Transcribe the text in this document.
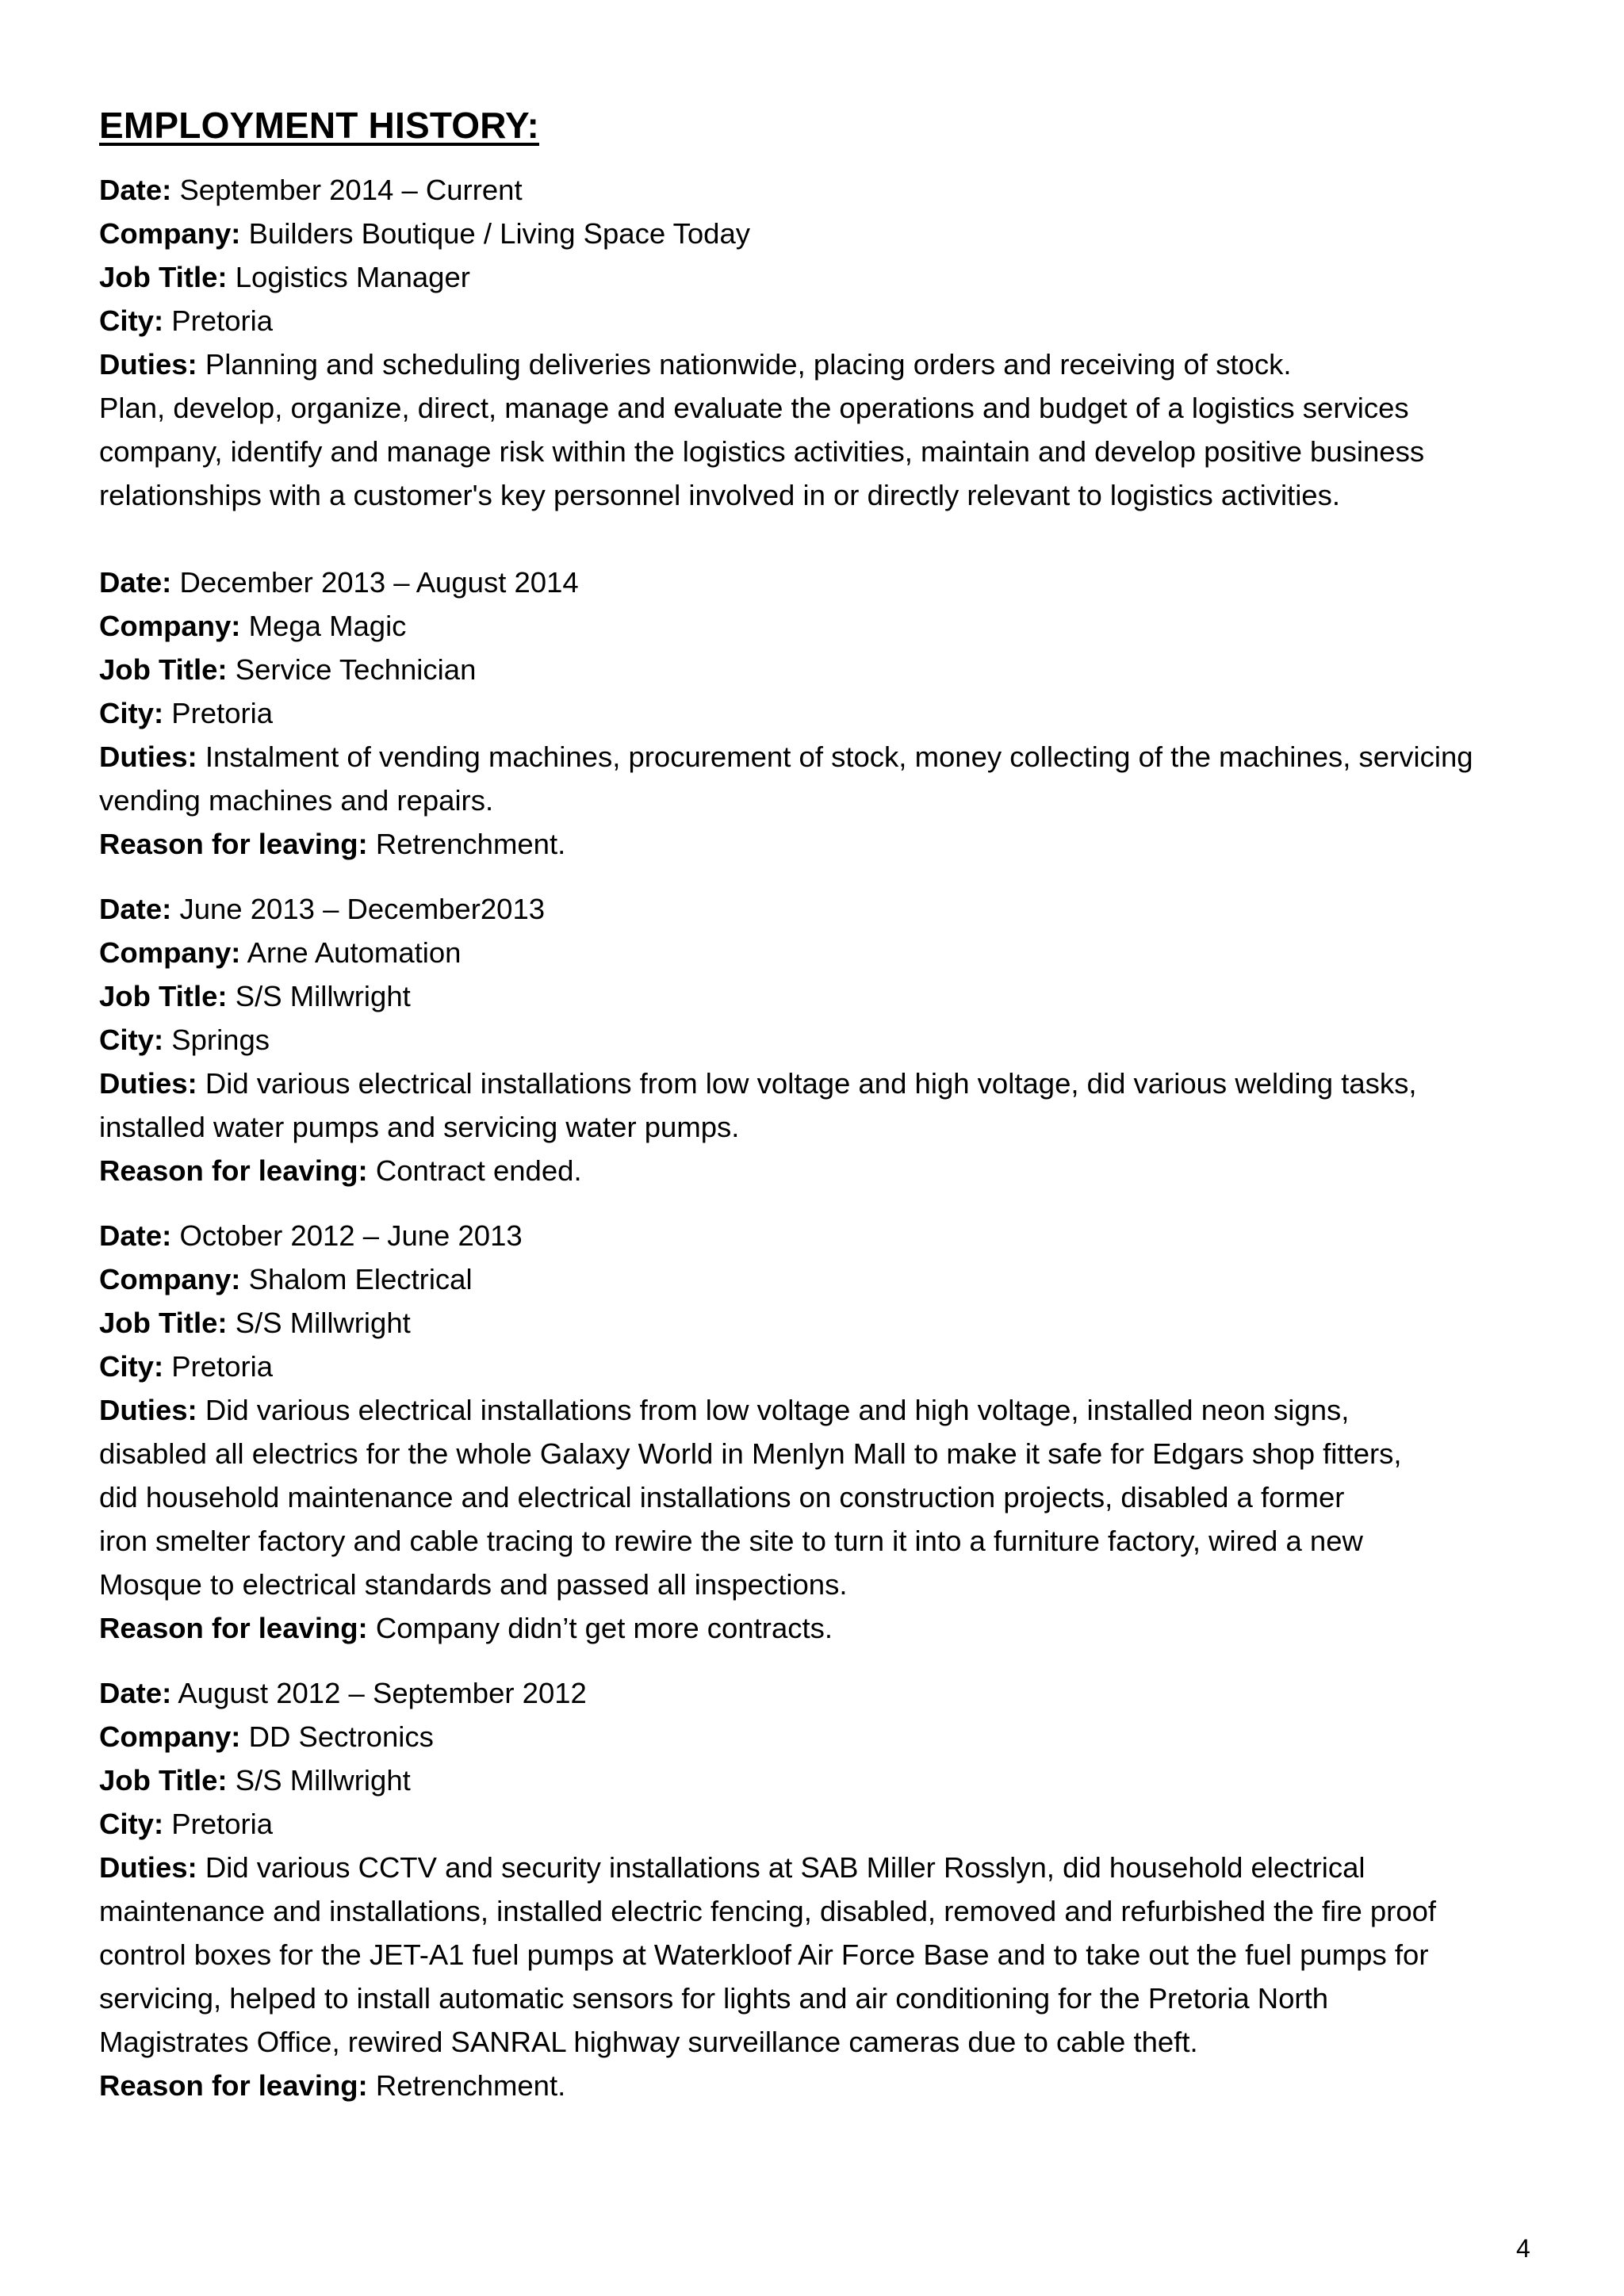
EMPLOYMENT HISTORY:

Date: September 2014 – Current

Company: Builders Boutique / Living Space Today

Job Title: Logistics Manager

City: Pretoria

Duties: Planning and scheduling deliveries nationwide, placing orders and receiving of stock.

Plan, develop, organize, direct, manage and evaluate the operations and budget of a logistics services

company, identify and manage risk within the logistics activities, maintain and develop positive business

relationships with a customer's key personnel involved in or directly relevant to logistics activities.

Date: December 2013 – August 2014

Company: Mega Magic

Job Title: Service Technician

City: Pretoria

Duties: Instalment of vending machines, procurement of stock, money collecting of the machines, servicing

vending machines and repairs.

Reason for leaving: Retrenchment.

Date: June 2013 – December2013

Company: Arne Automation

Job Title: S/S Millwright

City: Springs

Duties: Did various electrical installations from low voltage and high voltage, did various welding tasks,

installed water pumps and servicing water pumps.

Reason for leaving: Contract ended.

Date: October 2012 – June 2013

Company: Shalom Electrical

Job Title: S/S Millwright

City: Pretoria

Duties: Did various electrical installations from low voltage and high voltage, installed neon signs,

disabled all electrics for the whole Galaxy World in Menlyn Mall to make it safe for Edgars shop fitters,

did household maintenance and electrical installations on construction projects, disabled a former

iron smelter factory and cable tracing to rewire the site to turn it into a furniture factory, wired a new

Mosque to electrical standards and passed all inspections.

Reason for leaving: Company didn’t get more contracts.

Date: August 2012 – September 2012

Company: DD Sectronics

Job Title: S/S Millwright

City: Pretoria

Duties: Did various CCTV and security installations at SAB Miller Rosslyn, did household electrical

maintenance and installations, installed electric fencing, disabled, removed and refurbished the fire proof

control boxes for the JET-A1 fuel pumps at Waterkloof Air Force Base and to take out the fuel pumps for

servicing, helped to install automatic sensors for lights and air conditioning for the Pretoria North

Magistrates Office, rewired SANRAL highway surveillance cameras due to cable theft.

Reason for leaving: Retrenchment.

4
